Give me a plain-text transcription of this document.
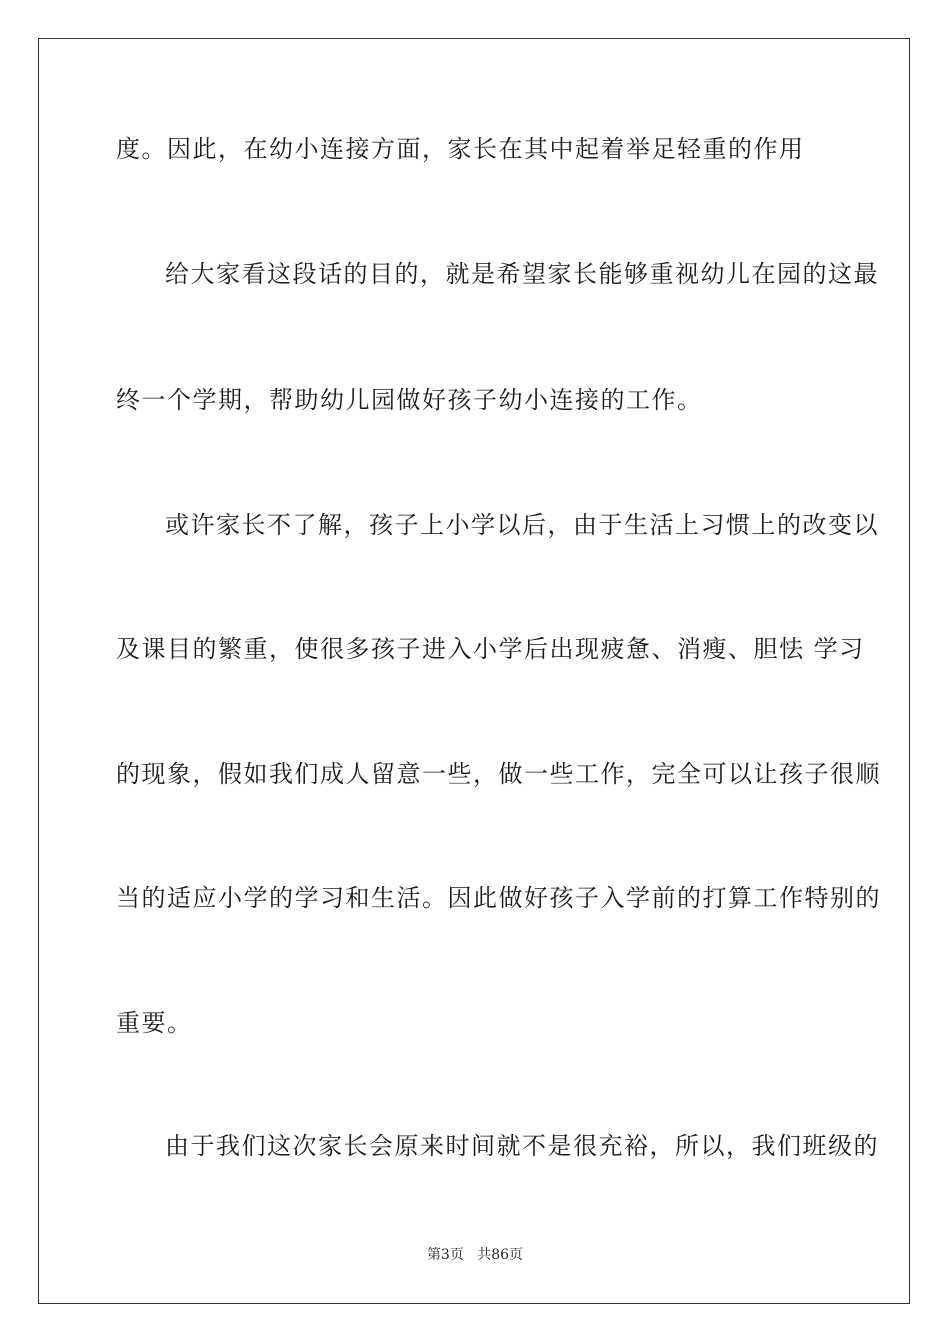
度。因此，在幼小连接方面，家长在其中起着举足轻重的作用
给大家看这段话的目的，就是希望家长能够重视幼儿在园的这最
终一个学期，帮助幼儿园做好孩子幼小连接的工作。
或许家长不了解，孩子上小学以后，由于生活上习惯上的改变以
及课目的繁重，使很多孩子进入小学后出现疲惫、消瘦、胆怯 学习
的现象，假如我们成人留意一些，做一些工作，完全可以让孩子很顺
当的适应小学的学习和生活。因此做好孩子入学前的打算工作特别的
重要。
由于我们这次家长会原来时间就不是很充裕，所以，我们班级的
第3页 共86页
